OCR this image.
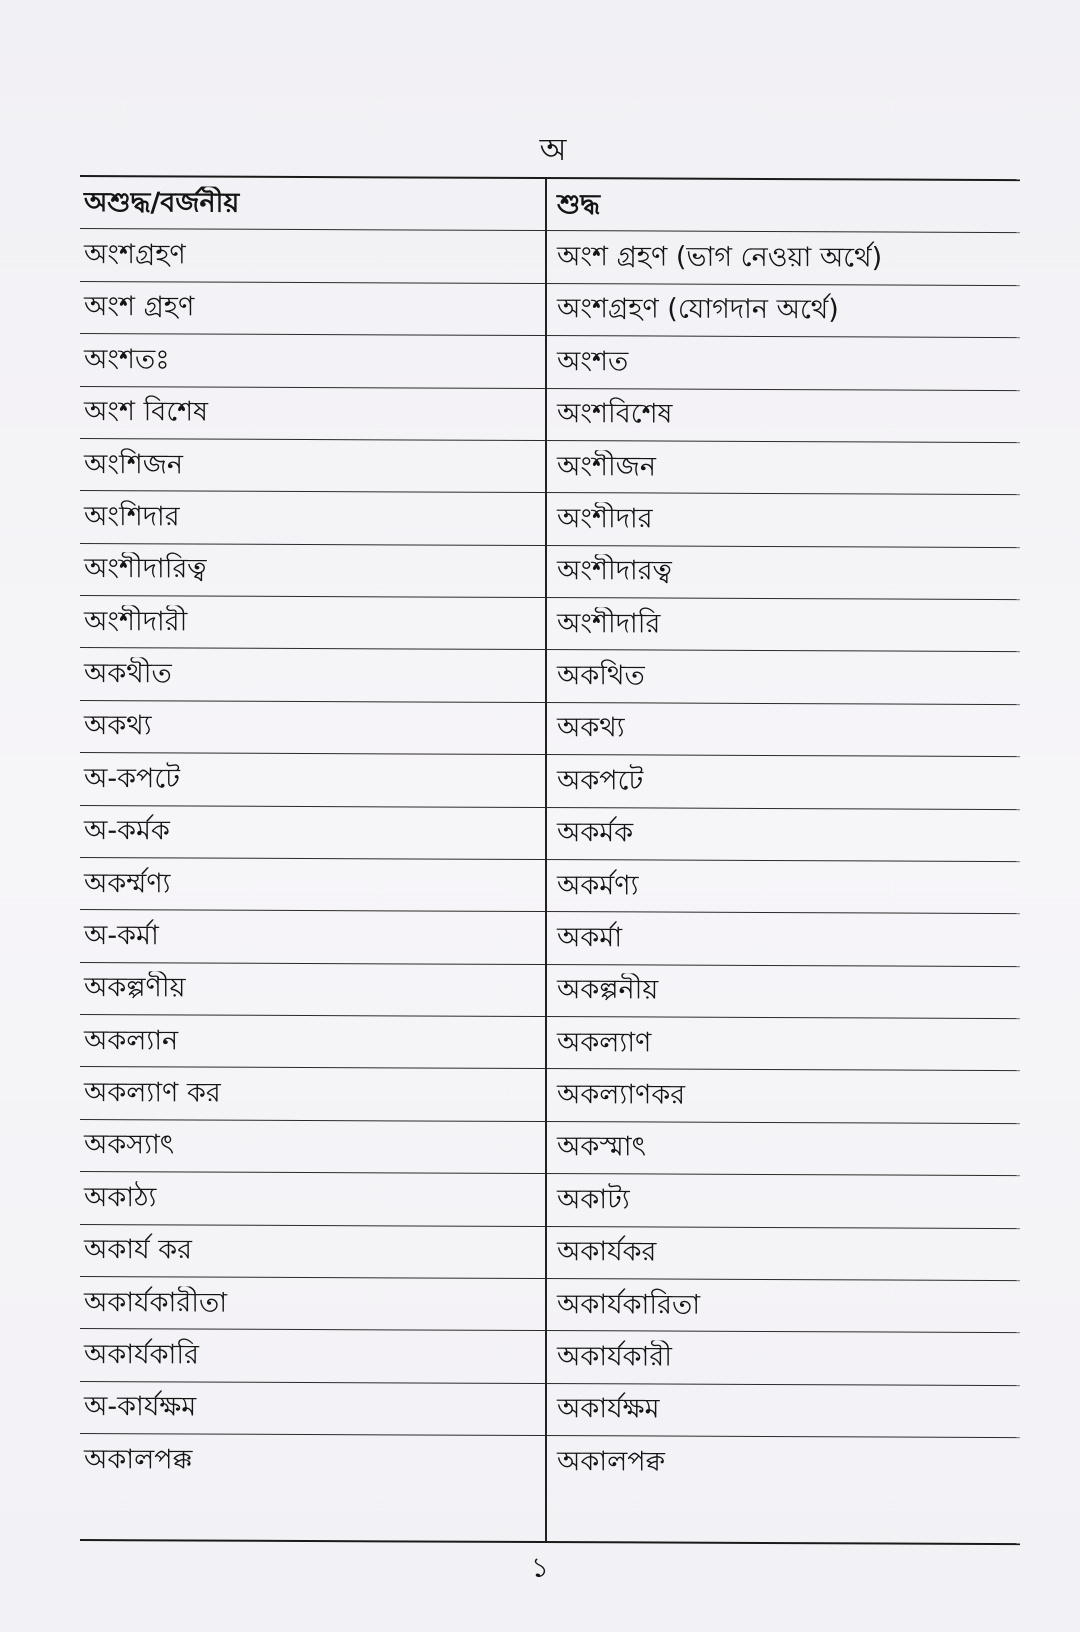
অ
অশুদ্ধ/বর্জনীয়	শুদ্ধ
অংশগ্রহণ	অংশ গ্রহণ (ভাগ নেওয়া অর্থে)
অংশ গ্রহণ	অংশগ্রহণ (যোগদান অর্থে)
অংশতঃ	অংশত
অংশ বিশেষ	অংশবিশেষ
অংশিজন	অংশীজন
অংশিদার	অংশীদার
অংশীদারিত্ব	অংশীদারত্ব
অংশীদারী	অংশীদারি
অকথীত	অকথিত
অকথ্য	অকথ্য
অ-কপটে	অকপটে
অ-কর্মক	অকর্মক
অকর্ম্মণ্য	অকর্মণ্য
অ-কর্মা	অকর্মা
অকল্পণীয়	অকল্পনীয়
অকল্যান	অকল্যাণ
অকল্যাণ কর	অকল্যাণকর
অকস্যাৎ	অকস্মাৎ
অকাঠ্য	অকাট্য
অকার্য কর	অকার্যকর
অকার্যকারীতা	অকার্যকারিতা
অকার্যকারি	অকার্যকারী
অ-কার্যক্ষম	অকার্যক্ষম
অকালপক্ক	অকালপক্ব
১
